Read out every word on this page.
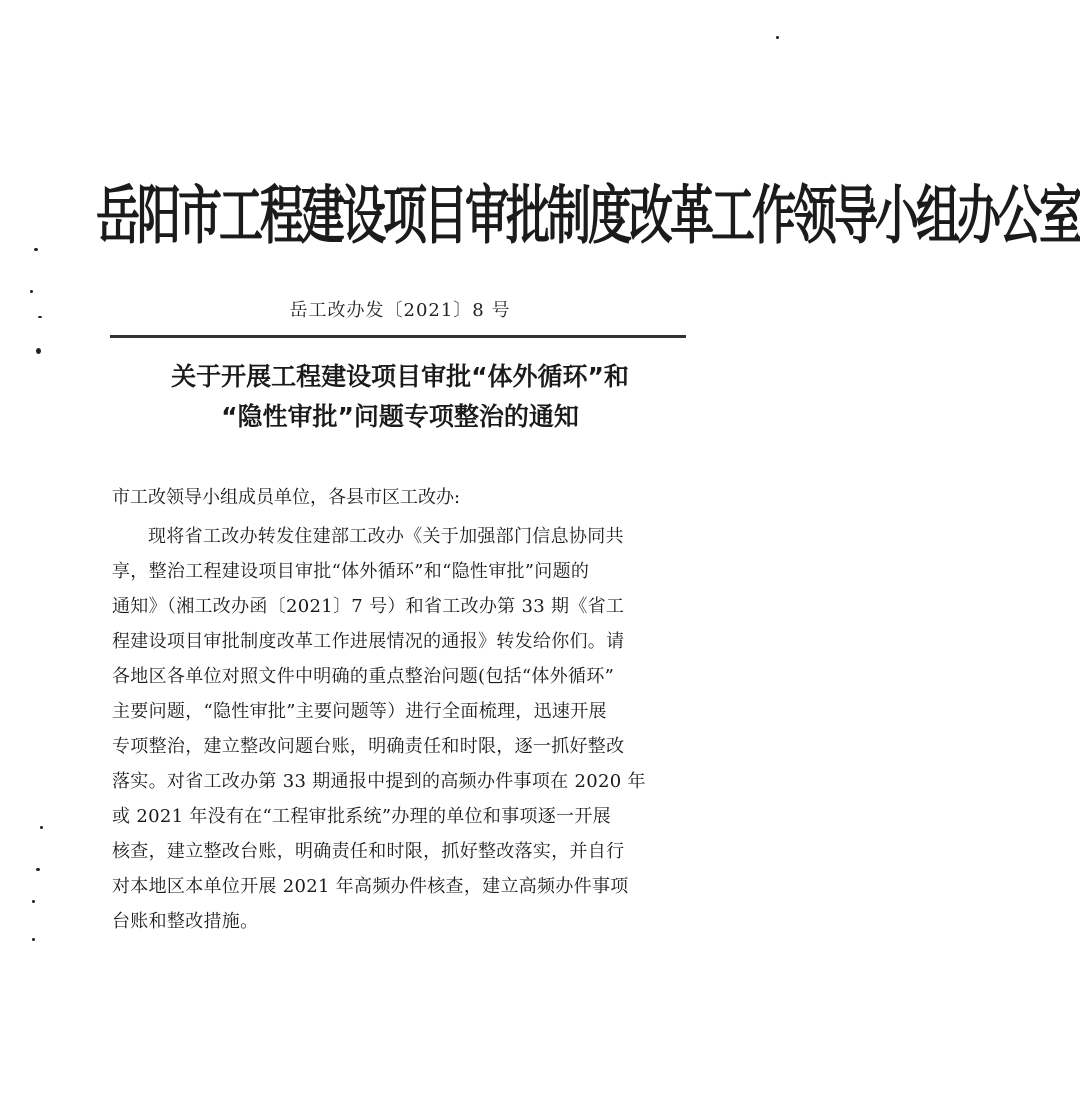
岳阳市工程建设项目审批制度改革工作领导小组办公室
岳工改办发〔2021〕8 号
关于开展工程建设项目审批“体外循环”和
“隐性审批”问题专项整治的通知
市工改领导小组成员单位，各县市区工改办:
现将省工改办转发住建部工改办《关于加强部门信息协同共
享，整治工程建设项目审批“体外循环”和“隐性审批”问题的
通知》（湘工改办函〔2021〕7 号）和省工改办第 33 期《省工
程建设项目审批制度改革工作进展情况的通报》转发给你们。请
各地区各单位对照文件中明确的重点整治问题(包括“体外循环”
主要问题，“隐性审批”主要问题等）进行全面梳理，迅速开展
专项整治，建立整改问题台账，明确责任和时限，逐一抓好整改
落实。对省工改办第 33 期通报中提到的高频办件事项在 2020 年
或 2021 年没有在“工程审批系统”办理的单位和事项逐一开展
核查，建立整改台账，明确责任和时限，抓好整改落实，并自行
对本地区本单位开展 2021 年高频办件核查，建立高频办件事项
台账和整改措施。
